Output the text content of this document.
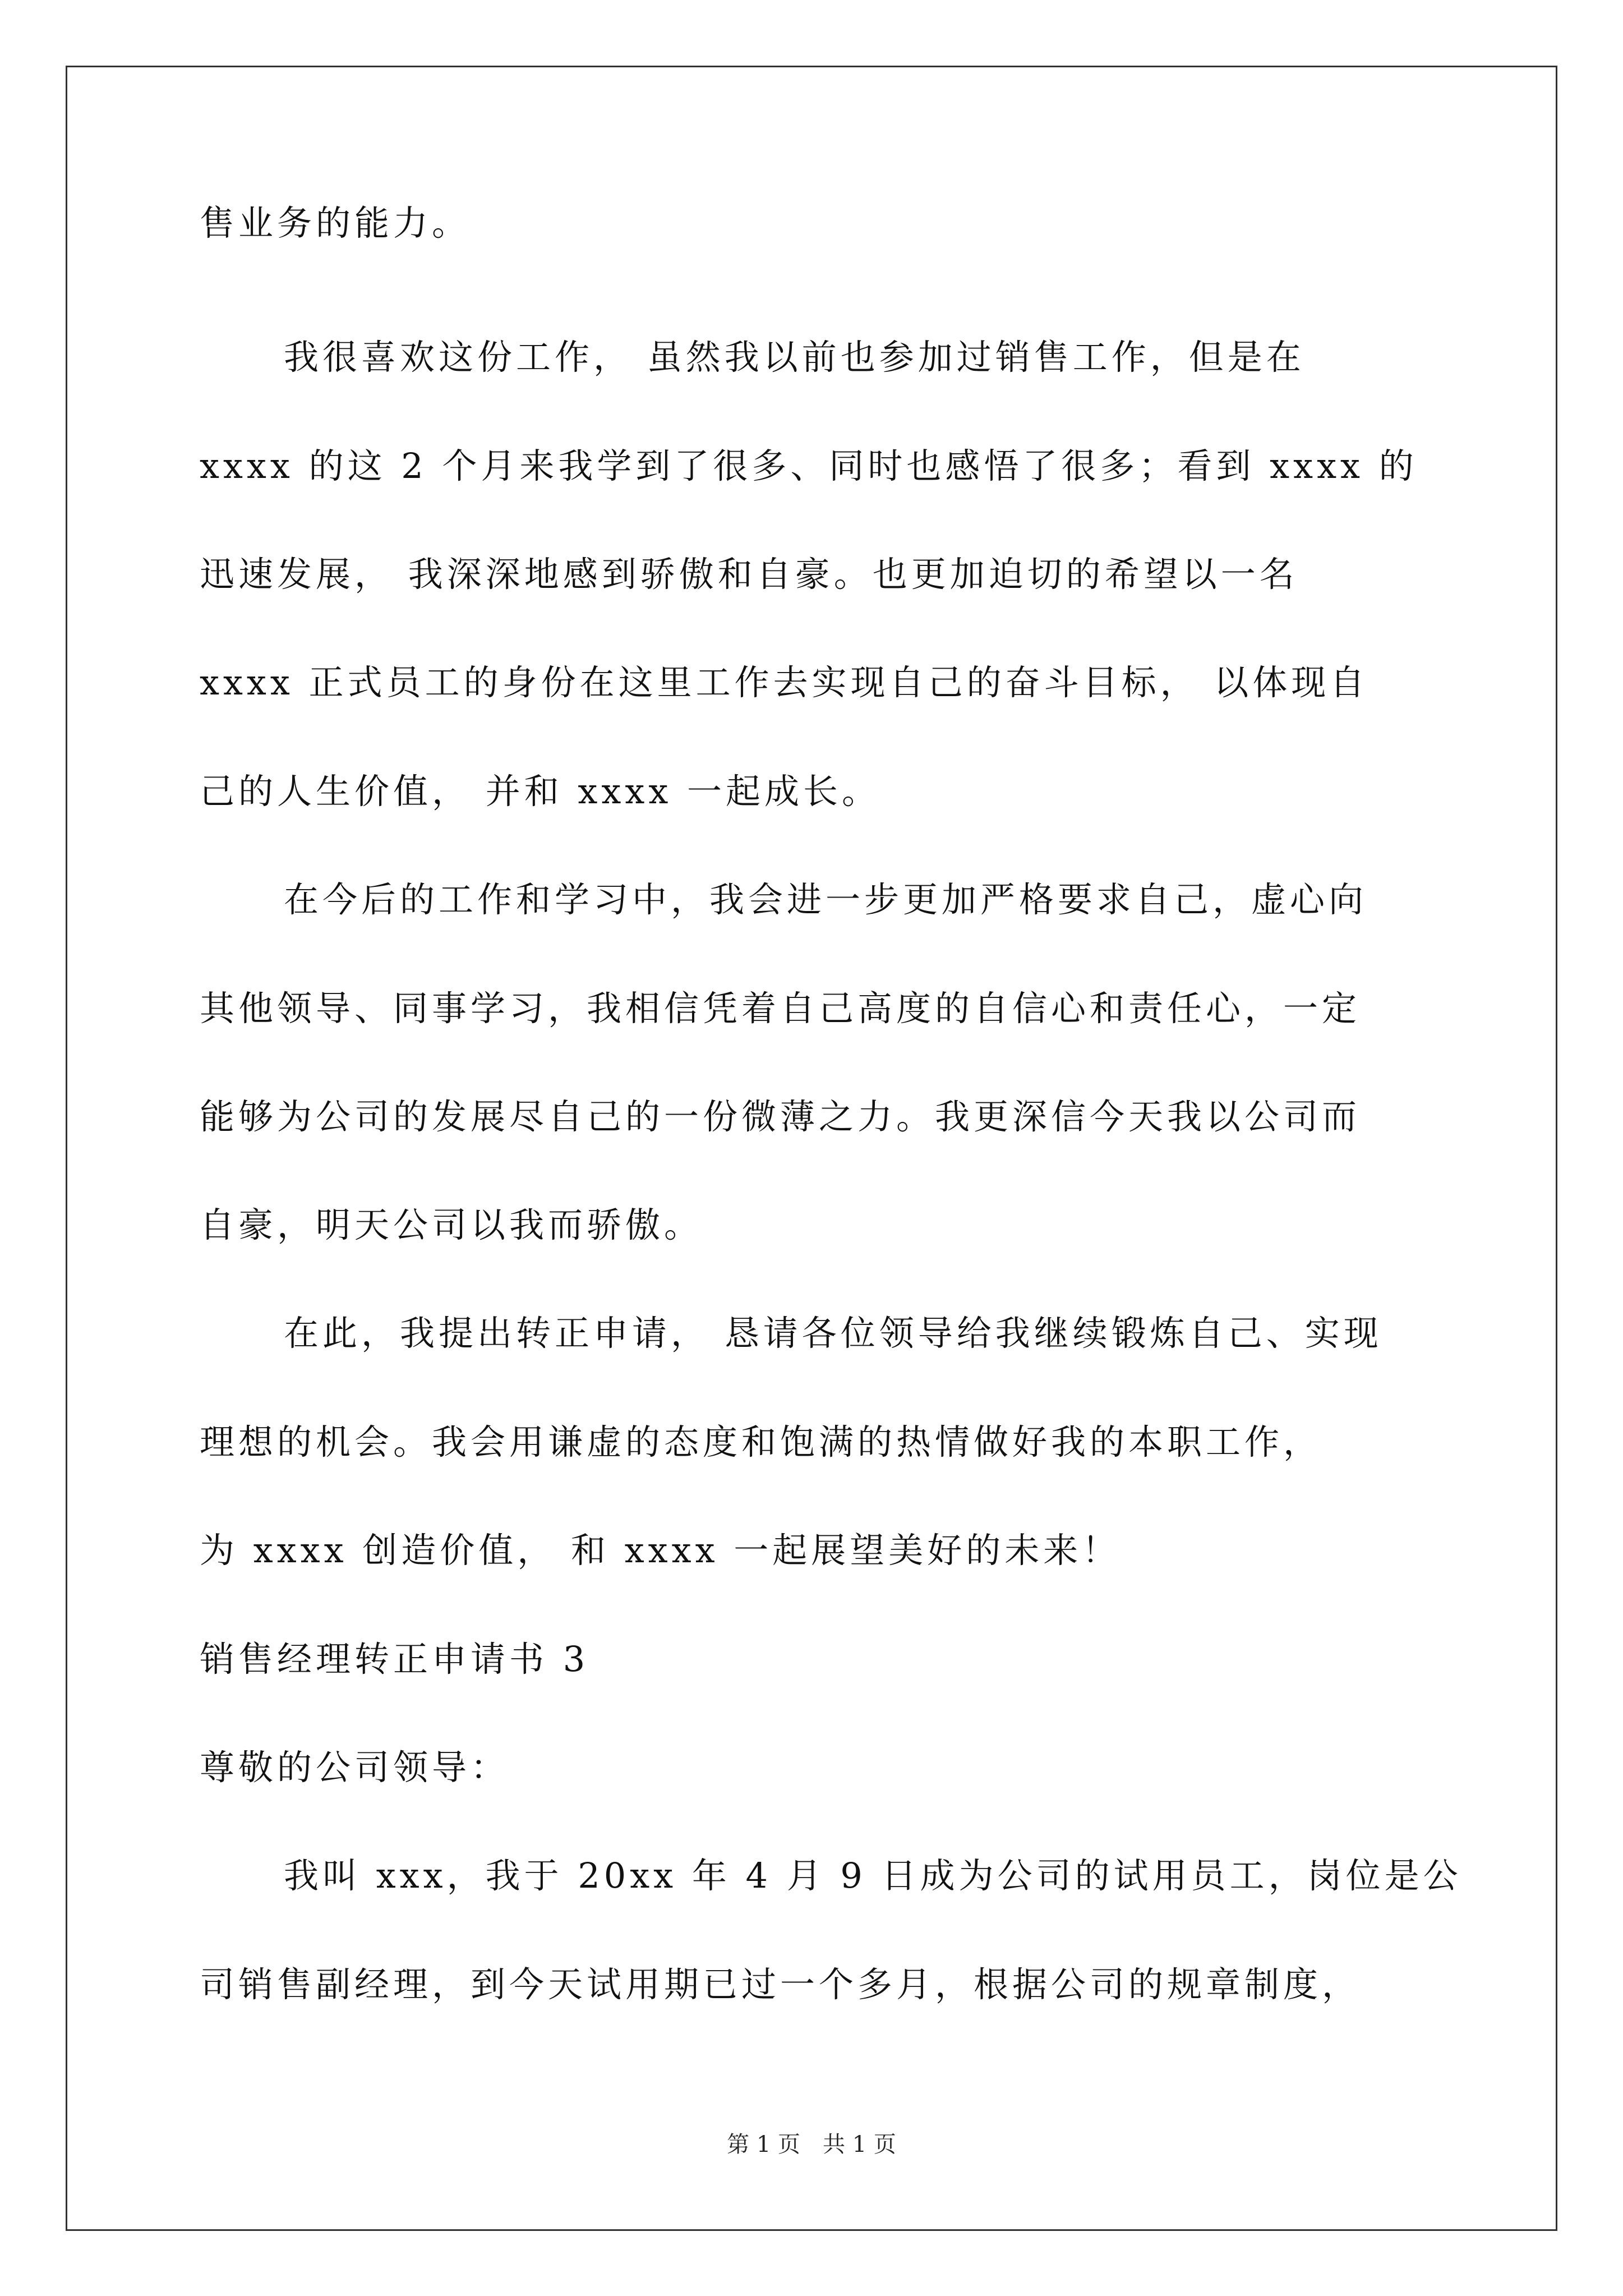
售业务的能力。
我很喜欢这份工作， 虽然我以前也参加过销售工作，但是在
xxxx 的这 2 个月来我学到了很多、同时也感悟了很多；看到 xxxx 的
迅速发展， 我深深地感到骄傲和自豪。也更加迫切的希望以一名
xxxx 正式员工的身份在这里工作去实现自己的奋斗目标， 以体现自
己的人生价值， 并和 xxxx 一起成长。
在今后的工作和学习中，我会进一步更加严格要求自己，虚心向
其他领导、同事学习，我相信凭着自己高度的自信心和责任心，一定
能够为公司的发展尽自己的一份微薄之力。我更深信今天我以公司而
自豪，明天公司以我而骄傲。
在此，我提出转正申请， 恳请各位领导给我继续锻炼自己、实现
理想的机会。我会用谦虚的态度和饱满的热情做好我的本职工作，
为 xxxx 创造价值， 和 xxxx 一起展望美好的未来！
销售经理转正申请书 3
尊敬的公司领导：
我叫 xxx，我于 20xx 年 4 月 9 日成为公司的试用员工，岗位是公
司销售副经理，到今天试用期已过一个多月，根据公司的规章制度，
第 1 页　共 1 页
